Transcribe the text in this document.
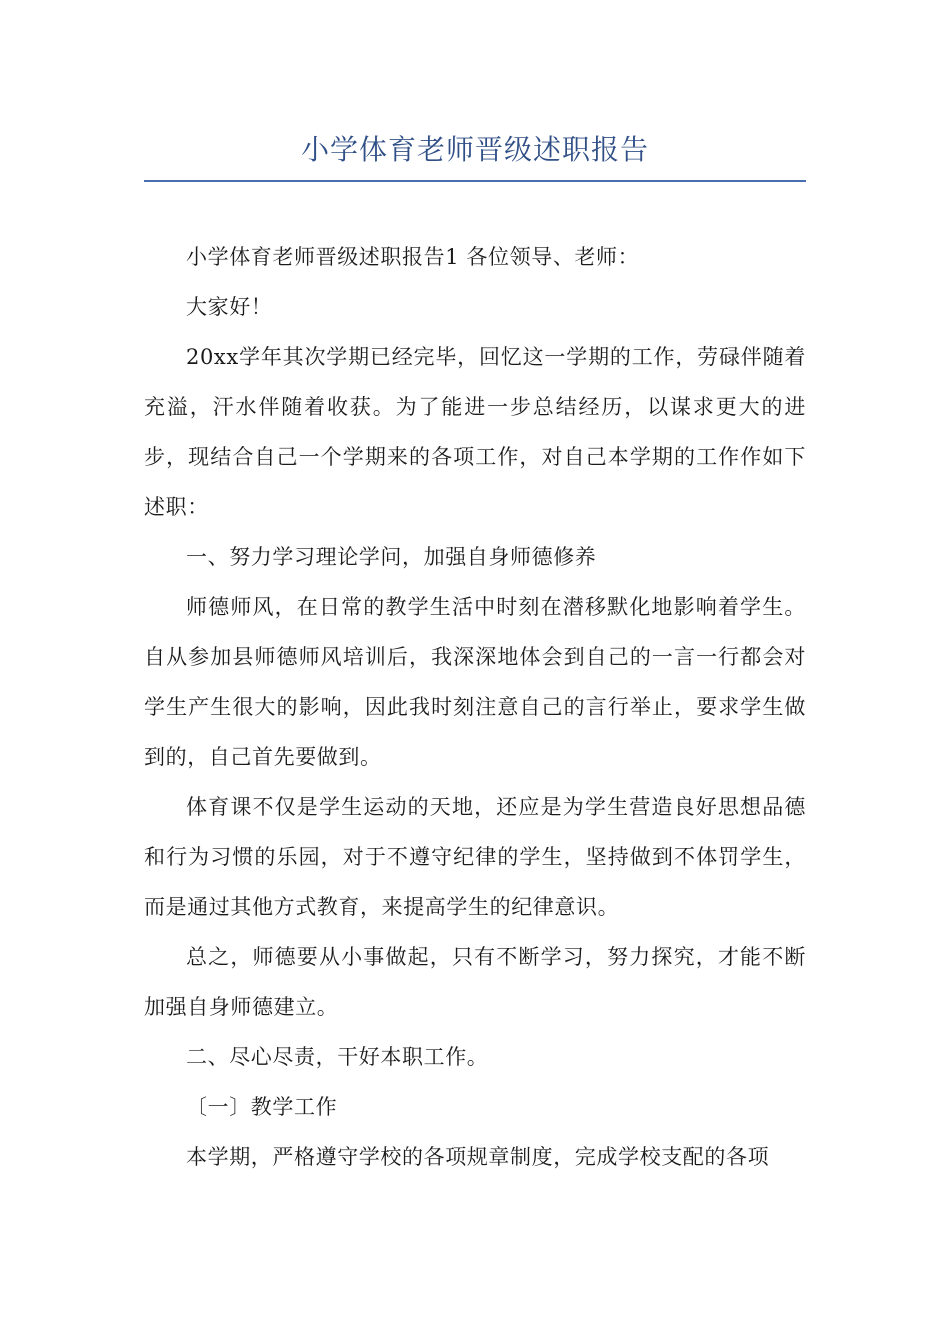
小学体育老师晋级述职报告

小学体育老师晋级述职报告1 各位领导、老师：

大家好！

20xx学年其次学期已经完毕，回忆这一学期的工作，劳碌伴随着充溢，汗水伴随着收获。为了能进一步总结经历，以谋求更大的进步，现结合自己一个学期来的各项工作，对自己本学期的工作作如下述职：

一、努力学习理论学问，加强自身师德修养

师德师风，在日常的教学生活中时刻在潜移默化地影响着学生。自从参加县师德师风培训后，我深深地体会到自己的一言一行都会对学生产生很大的影响，因此我时刻注意自己的言行举止，要求学生做到的，自己首先要做到。

体育课不仅是学生运动的天地，还应是为学生营造良好思想品德和行为习惯的乐园，对于不遵守纪律的学生，坚持做到不体罚学生，而是通过其他方式教育，来提高学生的纪律意识。

总之，师德要从小事做起，只有不断学习，努力探究，才能不断加强自身师德建立。

二、尽心尽责，干好本职工作。

〔一〕教学工作

本学期，严格遵守学校的各项规章制度，完成学校支配的各项
